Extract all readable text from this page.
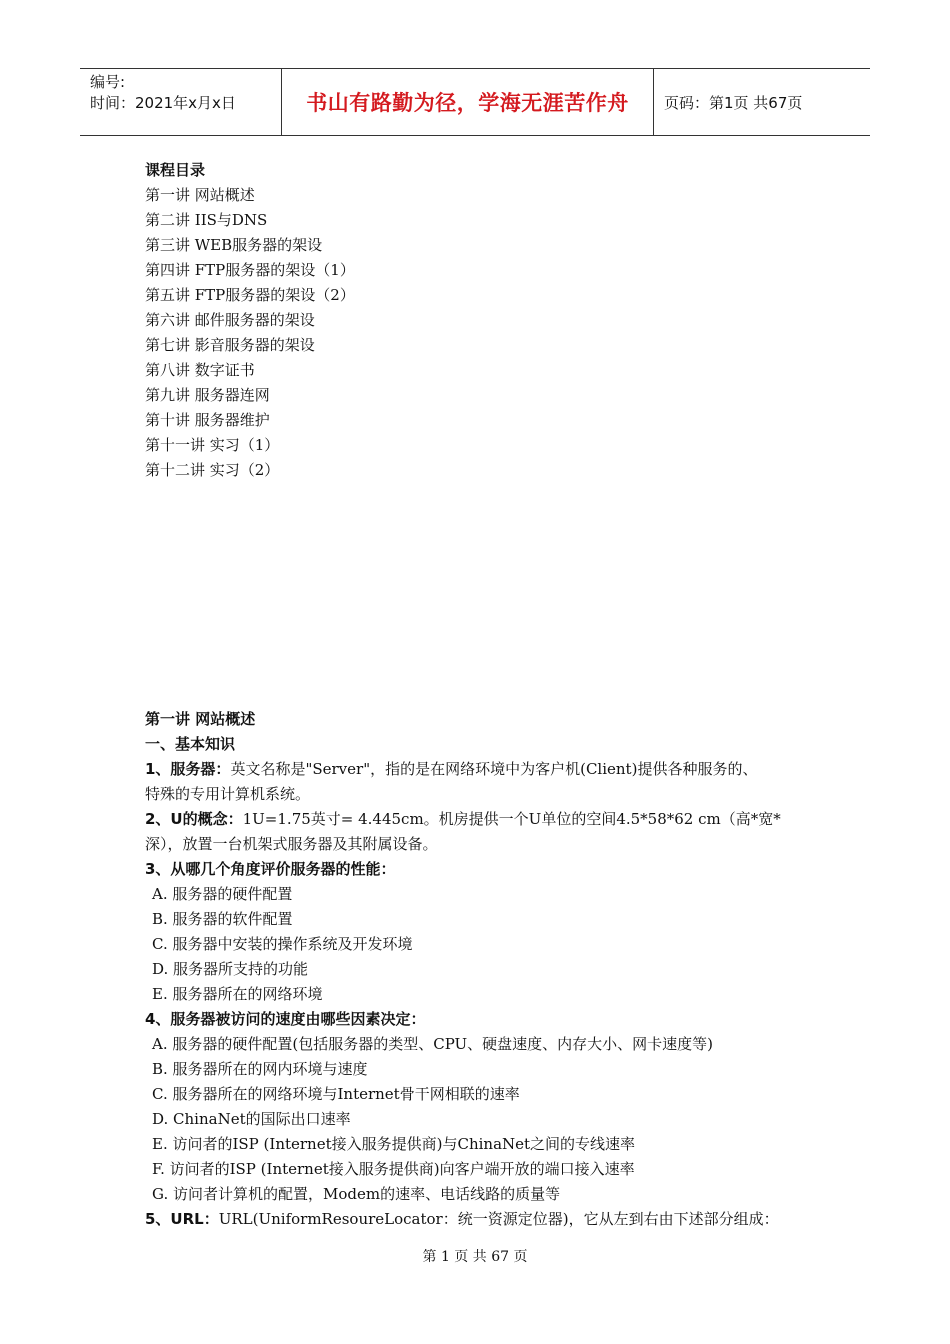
编号:
时间：2021年x月x日	书山有路勤为径，学海无涯苦作舟	页码：第1页 共67页

课程目录

第一讲 网站概述

第二讲 IIS与DNS

第三讲 WEB服务器的架设

第四讲 FTP服务器的架设（1）

第五讲 FTP服务器的架设（2）

第六讲 邮件服务器的架设

第七讲 影音服务器的架设

第八讲 数字证书

第九讲 服务器连网

第十讲 服务器维护

第十一讲 实习（1）

第十二讲 实习（2）

第一讲 网站概述

一、基本知识

1、服务器：英文名称是"Server"，指的是在网络环境中为客户机(Client)提供各种服务的、

特殊的专用计算机系统。

2、U的概念：1U=1.75英寸= 4.445cm。机房提供一个U单位的空间4.5*58*62 cm（高*宽*

深），放置一台机架式服务器及其附属设备。

3、从哪几个角度评价服务器的性能：

A. 服务器的硬件配置

B. 服务器的软件配置

C. 服务器中安装的操作系统及开发环境

D. 服务器所支持的功能

E. 服务器所在的网络环境

4、服务器被访问的速度由哪些因素决定：

A. 服务器的硬件配置(包括服务器的类型、CPU、硬盘速度、内存大小、网卡速度等)

B. 服务器所在的网内环境与速度

C. 服务器所在的网络环境与Internet骨干网相联的速率

D. ChinaNet的国际出口速率

E. 访问者的ISP (Internet接入服务提供商)与ChinaNet之间的专线速率

F. 访问者的ISP (Internet接入服务提供商)向客户端开放的端口接入速率

G. 访问者计算机的配置，Modem的速率、电话线路的质量等

5、URL：URL(UniformResoureLocator：统一资源定位器)，它从左到右由下述部分组成：

第 1 页 共 67 页
